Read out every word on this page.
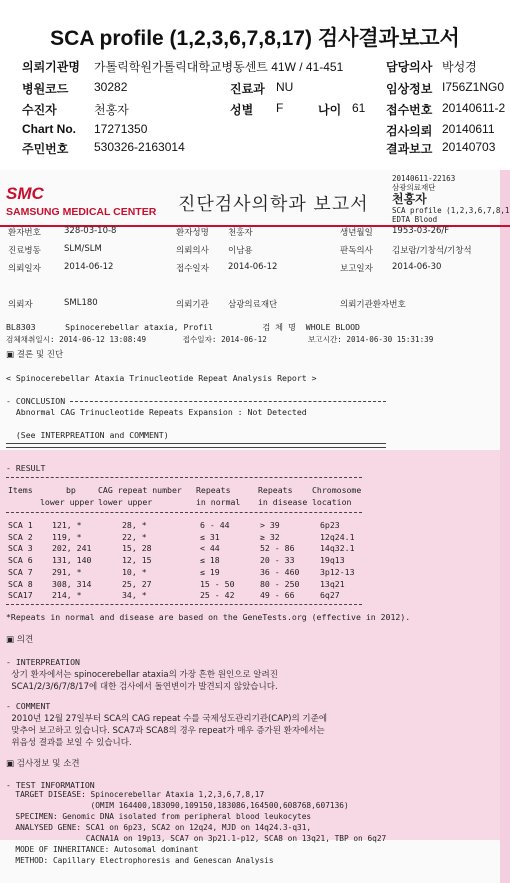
SCA profile (1,2,3,6,7,8,17) 검사결과보고서
의뢰기관명 가톨릭학원가톨릭대학교병동센트 41W / 41-451
병원코드 30282
수진자	천홍자
Chart No. 17271350
주민번호 530326-2163014
진료과 NU
성별 F	나이 61
담당의사 박성경
임상정보 I756Z1NG0
접수번호 20140611-2
검사의뢰 20140611
결과보고 20140703
SMC
SAMSUNG MEDICAL CENTER 진단검사의학과 보고서
20140611-22163
삼광의료재단
천홍자
SCA profile (1,2,3,6,7,8,1
EDTA Blood
환자번호	328-03-10-8	환자성명 천홍자	생년월일 1953-03-26/F
진료병동	SLM/SLM	의뢰의사 이남용	판독의사 김보람/기창석/기창석
의뢰일자	2014-06-12	접수일자 2014-06-12	보고일자 2014-06-30
의뢰자	SML180	의뢰기관 삼광의료재단	의뢰기관환자번호
BL8303      Spinocerebellar ataxia, Profil          검 체 명  WHOLE BLOOD
검체채취일시: 2014-06-12 13:08:49        접수일자: 2014-06-12         보고시간: 2014-06-30 15:31:39
▣ 결론 및 진단
< Spinocerebellar Ataxia Trinucleotide Repeat Analysis Report >
- CONCLUSION
Abnormal CAG Trinucleotide Repeats Expansion : Not Detected
(See INTERPREATION and COMMENT)
- RESULT
Items	bp	CAG repeat number Repeats	Repeats Chromosome
lower upper lower upper	in normal in disease location
SCA 1 121, *	28, *	6 - 44	> 39	6p23
SCA 2 119, *	22, *	≤ 31	≥ 32	12q24.1
SCA 3 202, 241	15, 28	< 44	52 - 86	14q32.1
SCA 6 131, 140	12, 15	≤ 18	20 - 33	19q13
SCA 7 291, *	10, *	≤ 19	36 - 460	3p12-13
SCA 8 308, 314	25, 27	15 - 50	80 - 250	13q21
SCA17 214, *	34, *	25 - 42	49 - 66	6q27
*Repeats in normal and disease are based on the GeneTests.org (effective in 2012).
▣ 의견
- INTERPREATION
상기 환자에서는 spinocerebellar ataxia의 가장 흔한 원인으로 알려진
SCA1/2/3/6/7/8/17에 대한 검사에서 돌연변이가 발견되지 않았습니다.
- COMMENT
2010년 12월 27일부터 SCA의 CAG repeat 수를 국제성도관리기관(CAP)의 기준에
맞추어 보고하고 있습니다. SCA7과 SCA8의 경우 repeat가 매우 증가된 환자에서는
위음성 결과를 보일 수 있습니다.
▣ 검사정보 및 소견
- TEST INFORMATION
TARGET DISEASE: Spinocerebellar Ataxia 1,2,3,6,7,8,17
(OMIM 164400,183090,109150,183086,164500,608768,607136)
SPECIMEN: Genomic DNA isolated from peripheral blood leukocytes
ANALYSED GENE: SCA1 on 6p23, SCA2 on 12q24, MJD on 14q24.3-q31,
CACNA1A on 19p13, SCA7 on 3p21.1-p12, SCA8 on 13q21, TBP on 6q27
MODE OF INHERITANCE: Autosomal dominant
METHOD: Capillary Electrophoresis and Genescan Analysis
